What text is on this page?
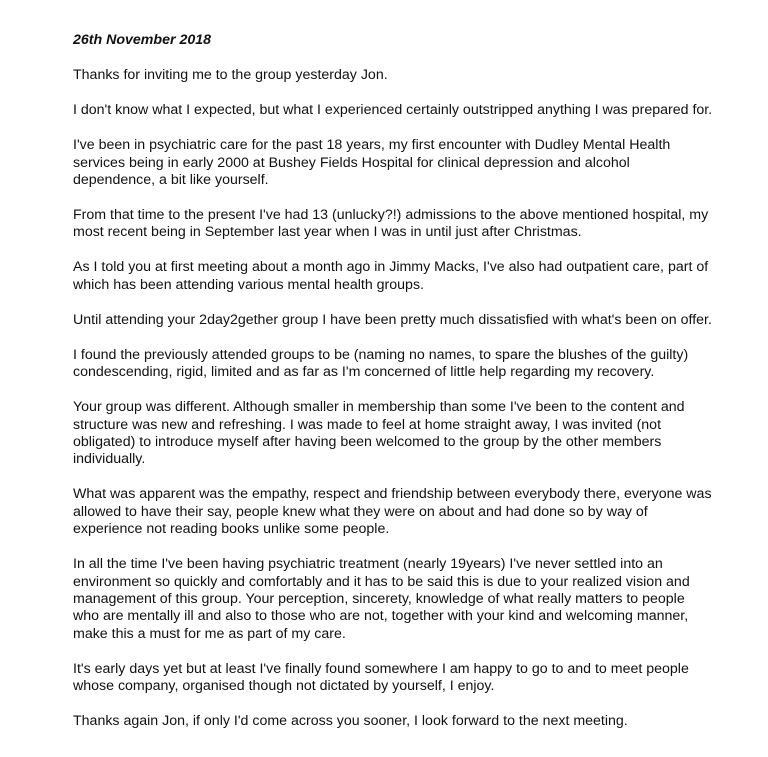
26th November 2018

Thanks for inviting me to the group yesterday Jon.

I don't know what I expected, but what I experienced certainly outstripped anything I was prepared for.

I've been in psychiatric care for the past 18 years, my first encounter with Dudley Mental Health services being in early 2000 at Bushey Fields Hospital for clinical depression and alcohol dependence, a bit like yourself.

From that time to the present I've had 13 (unlucky?!) admissions to the above mentioned hospital, my most recent being in September last year when I was in until just after Christmas.

As I told you at first meeting about a month ago in Jimmy Macks, I've also had outpatient care, part of which has been attending various mental health groups.

Until attending your 2day2gether group I have been pretty much dissatisfied with what's been on offer.

I found the previously attended groups to be (naming no names, to spare the blushes of the guilty) condescending, rigid, limited and as far as I'm concerned of little help regarding my recovery.

Your group was different. Although smaller in membership than some I've been to the content and structure was new and refreshing. I was made to feel at home straight away, I was invited (not obligated) to introduce myself after having been welcomed to the group by the other members individually.

What was apparent was the empathy, respect and friendship between everybody there, everyone was allowed to have their say, people knew what they were on about and had done so by way of experience not reading books unlike some people.

In all the time I've been having psychiatric treatment (nearly 19years) I've never settled into an environment so quickly and comfortably and it has to be said this is due to your realized vision and management of this group. Your perception, sincerety, knowledge of what really matters to people who are mentally ill and also to those who are not, together with your kind and welcoming manner, make this a must for me as part of my care.

It's early days yet but at least I've finally found somewhere I am happy to go to and to meet people whose company, organised though not dictated by yourself, I enjoy.

Thanks again Jon, if only I'd come across you sooner, I look forward to the next meeting.
